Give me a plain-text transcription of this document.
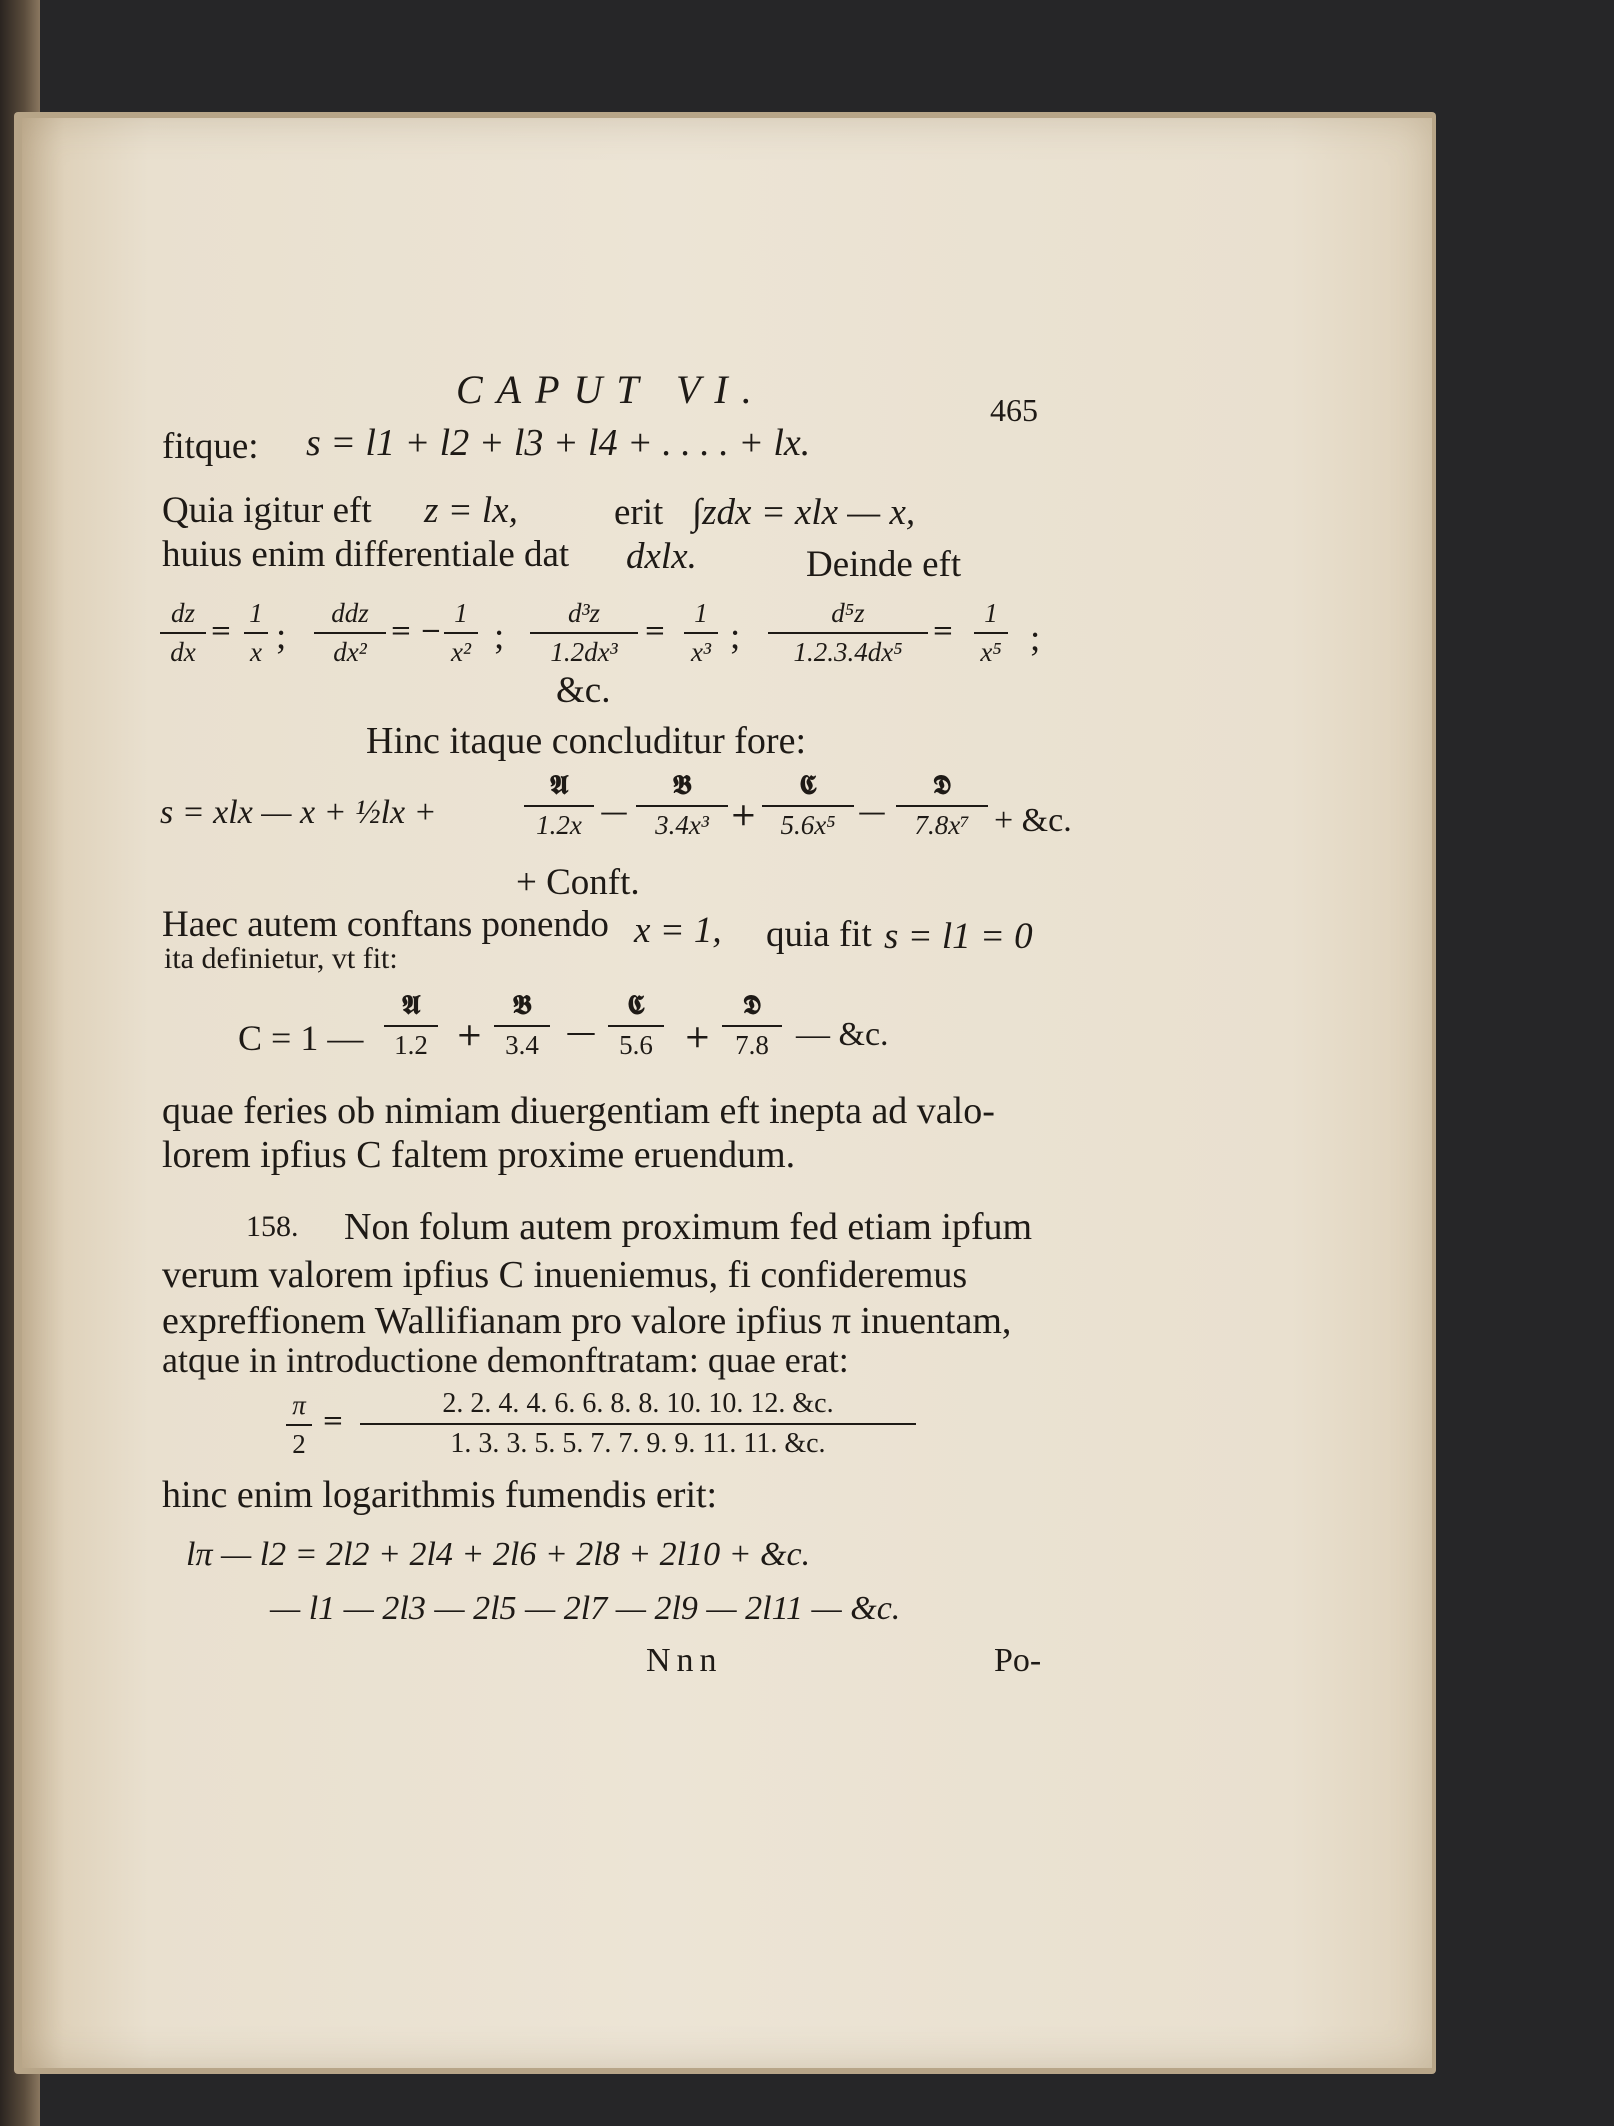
CAPUT VI.	465
fitque: s = l1 + l2 + l3 + l4 + . . . . + lx.
Quia igitur eft z = lx,	erit ∫zdx = xlx — x,
huius enim differentiale dat dxlx.	Deinde eft
dz
dx
=
1
x ;
ddz
dx²
= −
1
x² ;
d³z
1.2dx³
=
1
x³ ;
d⁵z
1.2.3.4dx⁵
=
1
x⁵ ;
&c.
Hinc itaque concluditur fore:
s = xlx — x + ½lx +
𝕬
1.2x —
𝕭
3.4x³ +
𝕮
5.6x⁵ —
𝕯
7.8x⁷ + &c.
+ Conft.
Haec autem conftans ponendo x = 1, quia fit s = l1 = 0
ita definietur, vt fit:
C = 1 —
𝕬
1.2 +
𝕭
3.4 —
𝕮
5.6 +
𝕯
7.8 — &c.
quae feries ob nimiam diuergentiam eft inepta ad valo-
lorem ipfius C faltem proxime eruendum.
158. Non folum autem proximum fed etiam ipfum
verum valorem ipfius C inueniemus, fi confideremus
expreffionem Wallifianam pro valore ipfius π inuentam,
atque in introductione demonftratam: quae erat:
π
2
=
2. 2. 4. 4. 6. 6. 8. 8. 10. 10. 12. &c.
1. 3. 3. 5. 5. 7. 7. 9. 9. 11. 11. &c.
hinc enim logarithmis fumendis erit:
lπ — l2 = 2l2 + 2l4 + 2l6 + 2l8 + 2l10 + &c.
— l1 — 2l3 — 2l5 — 2l7 — 2l9 — 2l11 — &c.
Nnn	Po-
